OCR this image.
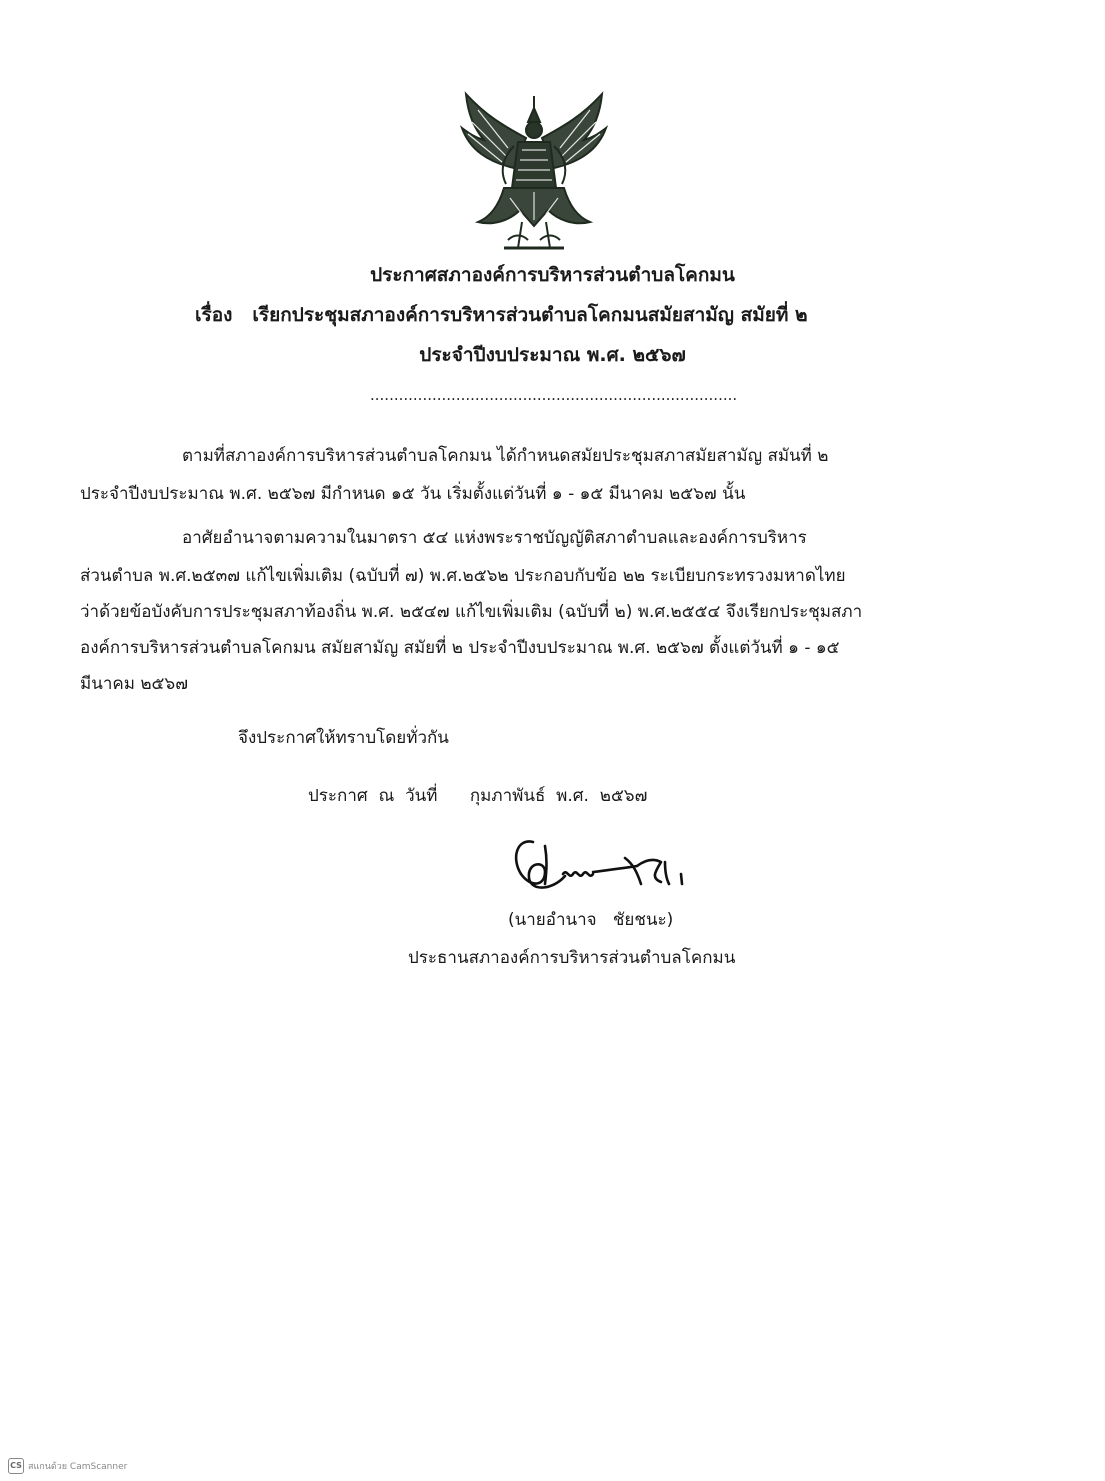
ประกาศสภาองค์การบริหารส่วนตำบลโคกมน
เรื่อง เรียกประชุมสภาองค์การบริหารส่วนตำบลโคกมนสมัยสามัญ สมัยที่ ๒
ประจำปีงบประมาณ พ.ศ. ๒๕๖๗
.............................................................................
ตามที่สภาองค์การบริหารส่วนตำบลโคกมน ได้กำหนดสมัยประชุมสภาสมัยสามัญ สมันที่ ๒
ประจำปีงบประมาณ พ.ศ. ๒๕๖๗ มีกำหนด ๑๕ วัน เริ่มตั้งแต่วันที่ ๑ - ๑๕ มีนาคม ๒๕๖๗ นั้น
อาศัยอำนาจตามความในมาตรา ๕๔ แห่งพระราชบัญญัติสภาตำบลและองค์การบริหาร
ส่วนตำบล พ.ศ.๒๕๓๗ แก้ไขเพิ่มเติม (ฉบับที่ ๗) พ.ศ.๒๕๖๒ ประกอบกับข้อ ๒๒ ระเบียบกระทรวงมหาดไทย
ว่าด้วยข้อบังคับการประชุมสภาท้องถิ่น พ.ศ. ๒๕๔๗ แก้ไขเพิ่มเติม (ฉบับที่ ๒) พ.ศ.๒๕๕๔ จึงเรียกประชุมสภา
องค์การบริหารส่วนตำบลโคกมน สมัยสามัญ สมัยที่ ๒ ประจำปีงบประมาณ พ.ศ. ๒๕๖๗ ตั้งแต่วันที่ ๑ - ๑๕
มีนาคม ๒๕๖๗
จึงประกาศให้ทราบโดยทั่วกัน
ประกาศ  ณ  วันที่      กุมภาพันธ์  พ.ศ.  ๒๕๖๗
(นายอำนาจ   ชัยชนะ)
ประธานสภาองค์การบริหารส่วนตำบลโคกมน
CS สแกนด้วย CamScanner
